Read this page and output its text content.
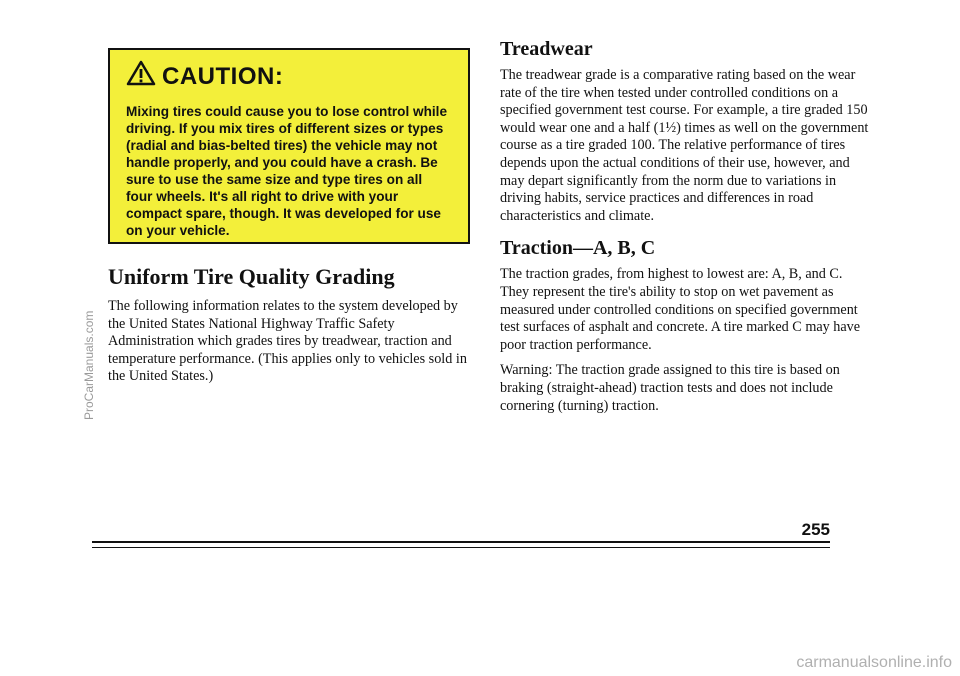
CAUTION:

Mixing tires could cause you to lose control while driving. If you mix tires of different sizes or types (radial and bias-belted tires) the vehicle may not handle properly, and you could have a crash. Be sure to use the same size and type tires on all four wheels. It's all right to drive with your compact spare, though. It was developed for use on your vehicle.

Uniform Tire Quality Grading

The following information relates to the system developed by the United States National Highway Traffic Safety Administration which grades tires by treadwear, traction and temperature performance. (This applies only to vehicles sold in the United States.)

Treadwear

The treadwear grade is a comparative rating based on the wear rate of the tire when tested under controlled conditions on a specified government test course. For example, a tire graded 150 would wear one and a half (1½) times as well on the government course as a tire graded 100. The relative performance of tires depends upon the actual conditions of their use, however, and may depart significantly from the norm due to variations in driving habits, service practices and differences in road characteristics and climate.

Traction—A, B, C

The traction grades, from highest to lowest are: A, B, and C. They represent the tire's ability to stop on wet pavement as measured under controlled conditions on specified government test surfaces of asphalt and concrete. A tire marked C may have poor traction performance.

Warning: The traction grade assigned to this tire is based on braking (straight-ahead) traction tests and does not include cornering (turning) traction.

255
ProCarManuals.com
carmanualsonline.info
